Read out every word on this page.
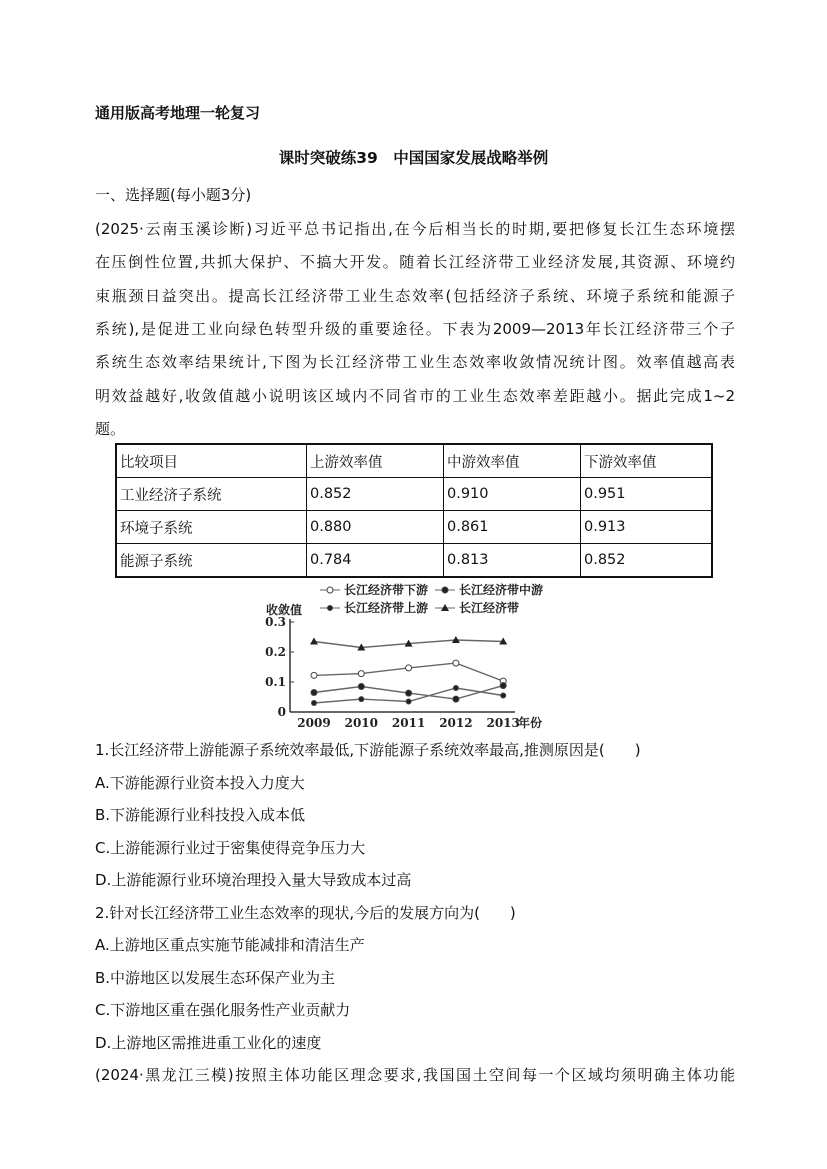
通用版高考地理一轮复习
课时突破练39　中国国家发展战略举例
一、选择题(每小题3分)
(2025·云南玉溪诊断)习近平总书记指出,在今后相当长的时期,要把修复长江生态环境摆
在压倒性位置,共抓大保护、不搞大开发。随着长江经济带工业经济发展,其资源、环境约
束瓶颈日益突出。提高长江经济带工业生态效率(包括经济子系统、环境子系统和能源子
系统),是促进工业向绿色转型升级的重要途径。下表为2009—2013年长江经济带三个子
系统生态效率结果统计,下图为长江经济带工业生态效率收敛情况统计图。效率值越高表
明效益越好,收敛值越小说明该区域内不同省市的工业生态效率差距越小。据此完成1~2
题。
比较项目	上游效率值	中游效率值	下游效率值
工业经济子系统	0.852	0.910	0.951
环境子系统	0.880	0.861	0.913
能源子系统	0.784	0.813	0.852
0
0.1
0.2
0.3
2009 2010 2011 2012 2013
年份
收敛值
长江经济带下游	长江经济带中游
长江经济带上游	长江经济带
1.长江经济带上游能源子系统效率最低,下游能源子系统效率最高,推测原因是(　　)
A.下游能源行业资本投入力度大
B.下游能源行业科技投入成本低
C.上游能源行业过于密集使得竞争压力大
D.上游能源行业环境治理投入量大导致成本过高
2.针对长江经济带工业生态效率的现状,今后的发展方向为(　　)
A.上游地区重点实施节能减排和清洁生产
B.中游地区以发展生态环保产业为主
C.下游地区重在强化服务性产业贡献力
D.上游地区需推进重工业化的速度
(2024·黑龙江三模)按照主体功能区理念要求,我国国土空间每一个区域均须明确主体功能
